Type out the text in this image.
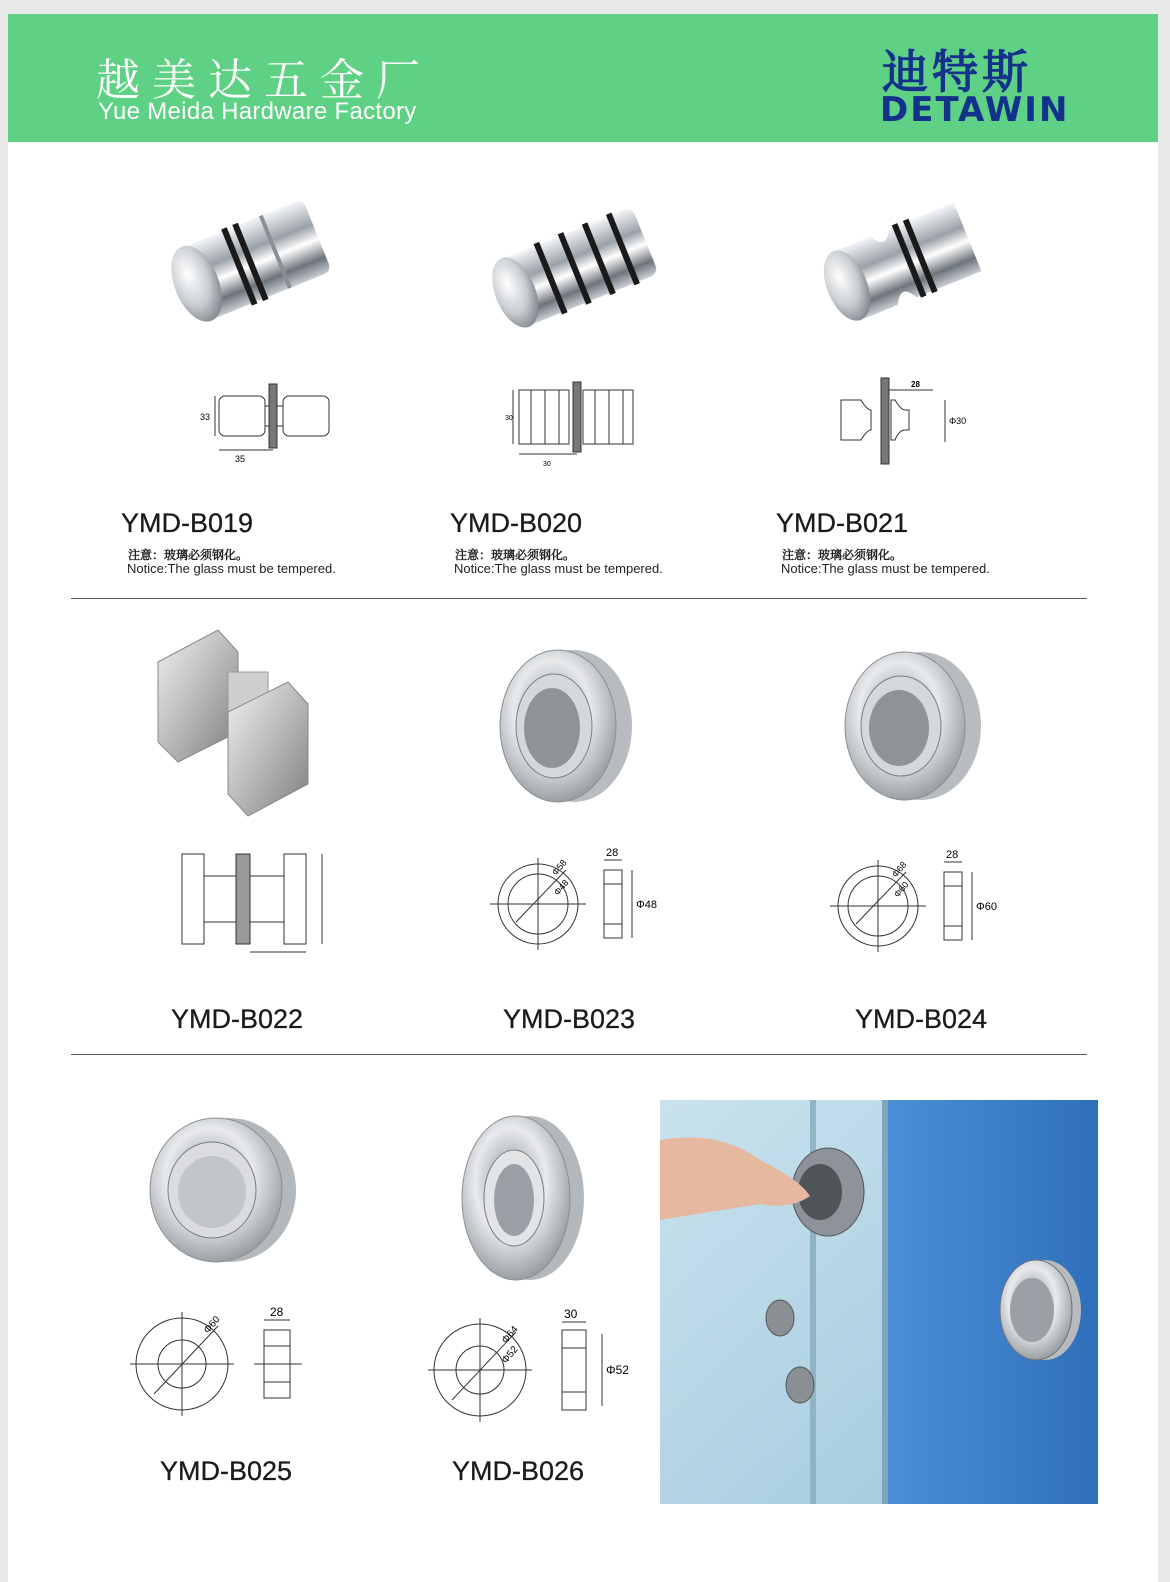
越美达五金厂
Yue Meida Hardware Factory
迪特斯
DETAWIN
33
35
30
30
28
Φ30
YMD-B019
注意：玻璃必须钢化。
Notice:The glass must be tempered.
YMD-B020
注意：玻璃必须钢化。
Notice:The glass must be tempered.
YMD-B021
注意：玻璃必须钢化。
Notice:The glass must be tempered.
Φ58
Φ48
28
Φ48
Φ68
Φ60
28
Φ60
YMD-B022	YMD-B023	YMD-B024
Φ60
28
Φ64
Φ52
30
Φ52
YMD-B025	YMD-B026
